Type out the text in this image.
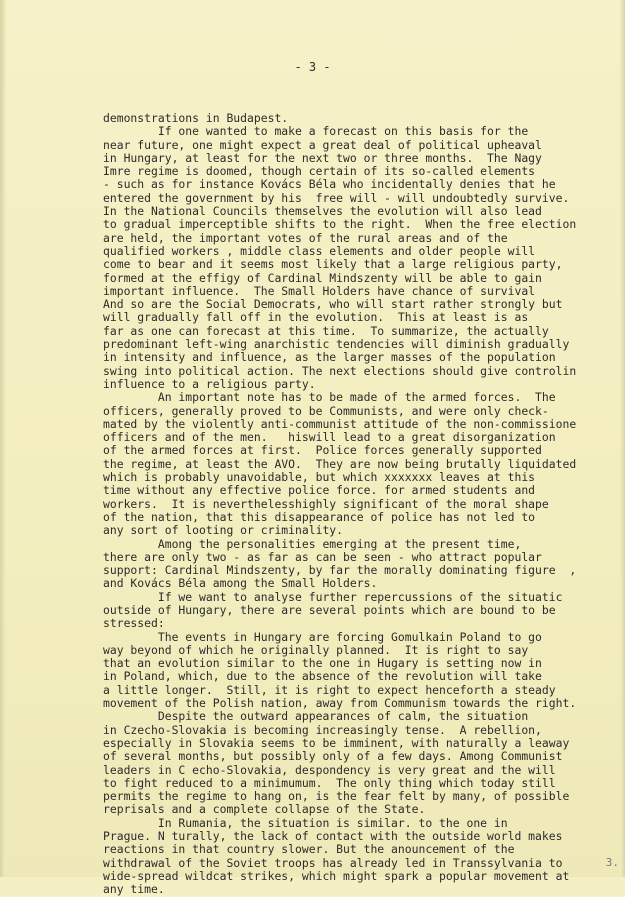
- 3 -
demonstrations in Budapest.
If one wanted to make a forecast on this basis for the
near future, one might expect a great deal of political upheaval
in Hungary, at least for the next two or three months.  The Nagy
Imre regime is doomed, though certain of its so-called elements
- such as for instance Kovács Béla who incidentally denies that he
entered the government by his  free will - will undoubtedly survive.
In the National Councils themselves the evolution will also lead
to gradual imperceptible shifts to the right.  When the free election
are held, the important votes of the rural areas and of the
qualified workers , middle class elements and older people will
come to bear and it seems most likely that a large religious party,
formed at the effigy of Cardinal Mindszenty will be able to gain
important influence.  The Small Holders have chance of survival
And so are the Social Democrats, who will start rather strongly but
will gradually fall off in the evolution.  This at least is as
far as one can forecast at this time.  To summarize, the actually
predominant left-wing anarchistic tendencies will diminish gradually
in intensity and influence, as the larger masses of the population
swing into political action. The next elections should give controlin
influence to a religious party.
An important note has to be made of the armed forces.  The
officers, generally proved to be Communists, and were only check-
mated by the violently anti-communist attitude of the non-commissione
officers and of the men.   hiswill lead to a great disorganization
of the armed forces at first.  Police forces generally supported
the regime, at least the AVO.  They are now being brutally liquidated
which is probably unavoidable, but which xxxxxxx leaves at this
time without any effective police force. for armed students and
workers.  It is neverthelesshighly significant of the moral shape
of the nation, that this disappearance of police has not led to
any sort of looting or criminality.
Among the personalities emerging at the present time,
there are only two - as far as can be seen - who attract popular
support: Cardinal Mindszenty, by far the morally dominating figure  ,
and Kovács Béla among the Small Holders.
If we want to analyse further repercussions of the situatic
outside of Hungary, there are several points which are bound to be
stressed:
The events in Hungary are forcing Gomulkain Poland to go
way beyond of which he originally planned.  It is right to say
that an evolution similar to the one in Hugary is setting now in
in Poland, which, due to the absence of the revolution will take
a little longer.  Still, it is right to expect henceforth a steady
movement of the Polish nation, away from Communism towards the right.
Despite the outward appearances of calm, the situation
in Czecho-Slovakia is becoming increasingly tense.  A rebellion,
especially in Slovakia seems to be imminent, with naturally a leaway
of several months, but possibly only of a few days. Among Communist
leaders in C echo-Slovakia, despondency is very great and the will
to fight reduced to a minimumum.  The only thing which today still
permits the regime to hang on, is the fear felt by many, of possible
reprisals and a complete collapse of the State.
In Rumania, the situation is similar. to the one in
Prague. N turally, the lack of contact with the outside world makes
reactions in that country slower. But the anouncement of the
withdrawal of the Soviet troops has already led in Transsylvania to
wide-spread wildcat strikes, which might spark a popular movement at
any time.
3.
